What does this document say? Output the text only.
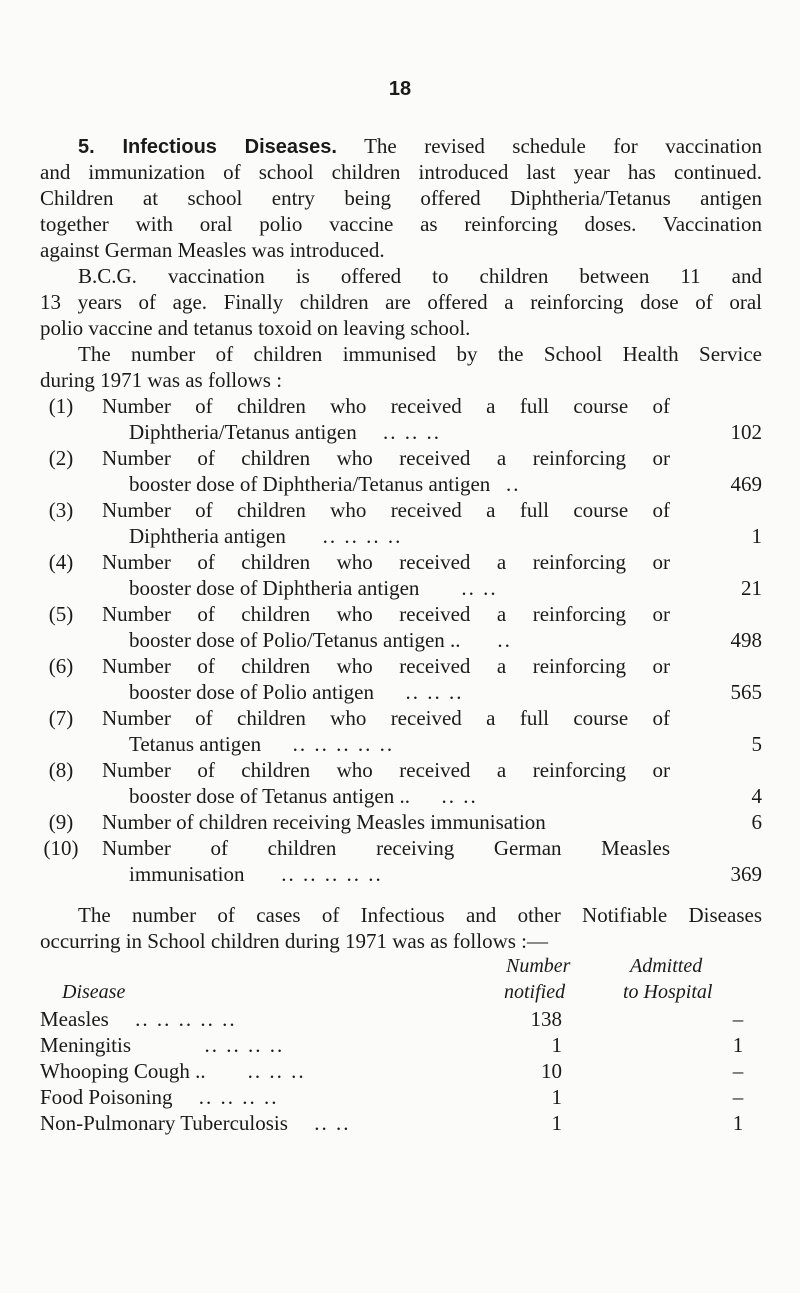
18
5. Infectious Diseases. The revised schedule for vaccination
and immunization of school children introduced last year has continued.
Children at school entry being offered Diphtheria/Tetanus antigen
together with oral polio vaccine as reinforcing doses. Vaccination
against German Measles was introduced.
B.C.G. vaccination is offered to children between 11 and
13 years of age. Finally children are offered a reinforcing dose of oral
polio vaccine and tetanus toxoid on leaving school.
The number of children immunised by the School Health Service
during 1971 was as follows :
(1)	Number of children who received a full course of
Diphtheria/Tetanus antigen .. .. ..	102
(2)	Number of children who received a reinforcing or
booster dose of Diphtheria/Tetanus antigen ..	469
(3)	Number of children who received a full course of
Diphtheria antigen .. .. .. ..	1
(4)	Number of children who received a reinforcing or
booster dose of Diphtheria antigen .. ..	21
(5)	Number of children who received a reinforcing or
booster dose of Polio/Tetanus antigen .. ..	498
(6)	Number of children who received a reinforcing or
booster dose of Polio antigen .. .. ..	565
(7)	Number of children who received a full course of
Tetanus antigen .. .. .. .. ..	5
(8)	Number of children who received a reinforcing or
booster dose of Tetanus antigen .. .. ..	4
(9)	Number of children receiving Measles immunisation	6
(10) Number of children receiving German Measles
immunisation .. .. .. .. ..	369
The number of cases of Infectious and other Notifiable Diseases
occurring in School children during 1971 was as follows :—
Number	Admitted
Disease	notified	to Hospital
Measles .. .. .. .. ..	138	–
Meningitis	.. .. .. ..	1	1
Whooping Cough .. .. .. ..	10	–
Food Poisoning .. .. .. ..	1	–
Non-Pulmonary Tuberculosis .. ..	1	1
